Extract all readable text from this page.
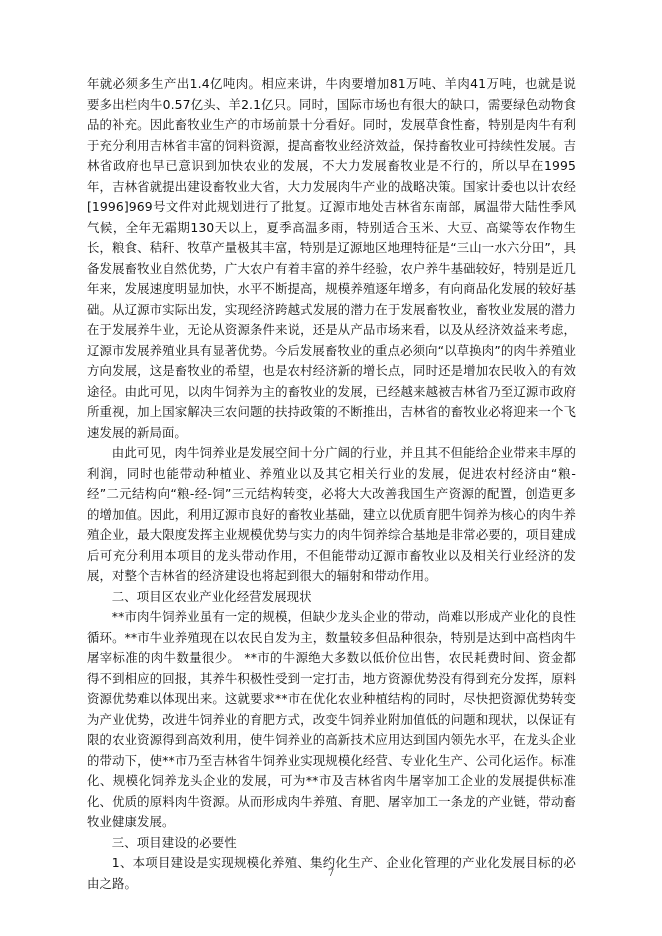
年就必须多生产出1.4亿吨肉。相应来讲，牛肉要增加81万吨、羊肉41万吨，也就是说要多出栏肉牛0.57亿头、羊2.1亿只。同时，国际市场也有很大的缺口，需要绿色动物食品的补充。因此畜牧业生产的市场前景十分看好。同时，发展草食性畜，特别是肉牛有利于充分利用吉林省丰富的饲料资源，提高畜牧业经济效益，保持畜牧业可持续性发展。吉林省政府也早已意识到加快农业的发展，不大力发展畜牧业是不行的，所以早在1995年，吉林省就提出建设畜牧业大省，大力发展肉牛产业的战略决策。国家计委也以计农经[1996]969号文件对此规划进行了批复。辽源市地处吉林省东南部，属温带大陆性季风气候，全年无霜期130天以上，夏季高温多雨，特别适合玉米、大豆、高粱等农作物生长，粮食、秸秆、牧草产量极其丰富，特别是辽源地区地理特征是“三山一水六分田”，具备发展畜牧业自然优势，广大农户有着丰富的养牛经验，农户养牛基础较好，特别是近几年来，发展速度明显加快，水平不断提高，规模养殖逐年增多，有向商品化发展的较好基础。从辽源市实际出发，实现经济跨越式发展的潜力在于发展畜牧业，畜牧业发展的潜力在于发展养牛业，无论从资源条件来说，还是从产品市场来看，以及从经济效益来考虑，辽源市发展养殖业具有显著优势。今后发展畜牧业的重点必须向“以草换肉”的肉牛养殖业方向发展，这是畜牧业的希望，也是农村经济新的增长点，同时还是增加农民收入的有效途径。由此可见，以肉牛饲养为主的畜牧业的发展，已经越来越被吉林省乃至辽源市政府所重视，加上国家解决三农问题的扶持政策的不断推出，吉林省的畜牧业必将迎来一个飞速发展的新局面。

由此可见，肉牛饲养业是发展空间十分广阔的行业，并且其不但能给企业带来丰厚的利润，同时也能带动种植业、养殖业以及其它相关行业的发展，促进农村经济由“粮-经”二元结构向“粮-经-饲”三元结构转变，必将大大改善我国生产资源的配置，创造更多的增加值。因此，利用辽源市良好的畜牧业基础，建立以优质育肥牛饲养为核心的肉牛养殖企业，最大限度发挥主业规模优势与实力的肉牛饲养综合基地是非常必要的，项目建成后可充分利用本项目的龙头带动作用，不但能带动辽源市畜牧业以及相关行业经济的发展，对整个吉林省的经济建设也将起到很大的辐射和带动作用。

二、项目区农业产业化经营发展现状

**市肉牛饲养业虽有一定的规模，但缺少龙头企业的带动，尚难以形成产业化的良性循环。**市牛业养殖现在以农民自发为主，数量较多但品种很杂，特别是达到中高档肉牛屠宰标准的肉牛数量很少。 **市的牛源绝大多数以低价位出售，农民耗费时间、资金都得不到相应的回报，其养牛积极性受到一定打击，地方资源优势没有得到充分发挥，原料资源优势难以体现出来。这就要求**市在优化农业种植结构的同时，尽快把资源优势转变为产业优势，改进牛饲养业的育肥方式，改变牛饲养业附加值低的问题和现状，以保证有限的农业资源得到高效利用，使牛饲养业的高新技术应用达到国内领先水平，在龙头企业的带动下，使**市乃至吉林省牛饲养业实现规模化经营、专业化生产、公司化运作。标准化、规模化饲养龙头企业的发展，可为**市及吉林省肉牛屠宰加工企业的发展提供标准化、优质的原料肉牛资源。从而形成肉牛养殖、育肥、屠宰加工一条龙的产业链，带动畜牧业健康发展。

三、项目建设的必要性

1、本项目建设是实现规模化养殖、集约化生产、企业化管理的产业化发展目标的必由之路。

7
